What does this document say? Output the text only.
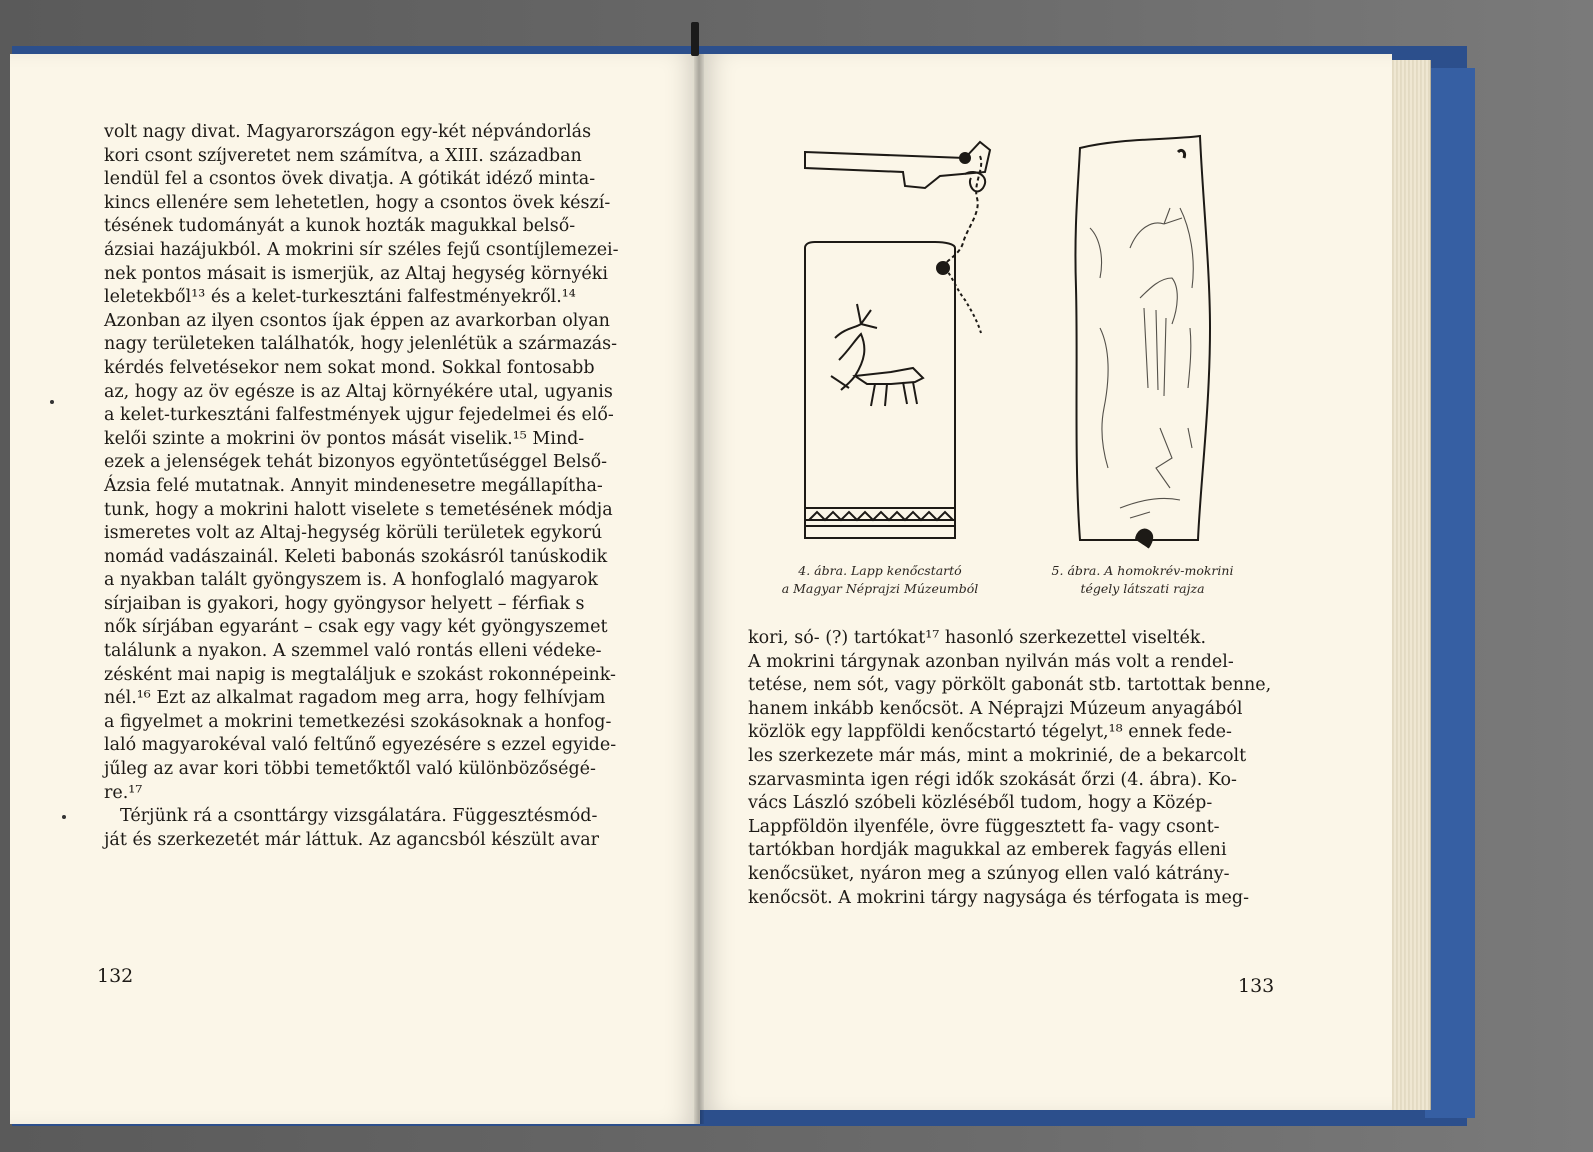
volt nagy divat. Magyarországon egy-két népvándorlás
kori csont szíjveretet nem számítva, a XIII. században
lendül fel a csontos övek divatja. A gótikát idéző minta-
kincs ellenére sem lehetetlen, hogy a csontos övek készí-
tésének tudományát a kunok hozták magukkal belső-
ázsiai hazájukból. A mokrini sír széles fejű csontíjlemezei-
nek pontos másait is ismerjük, az Altaj hegység környéki
leletekből¹³ és a kelet-turkesztáni falfestményekről.¹⁴
Azonban az ilyen csontos íjak éppen az avarkorban olyan
nagy területeken találhatók, hogy jelenlétük a származás-
kérdés felvetésekor nem sokat mond. Sokkal fontosabb
az, hogy az öv egésze is az Altaj környékére utal, ugyanis
a kelet-turkesztáni falfestmények ujgur fejedelmei és elő-
kelői szinte a mokrini öv pontos mását viselik.¹⁵ Mind-
ezek a jelenségek tehát bizonyos egyöntetűséggel Belső-
Ázsia felé mutatnak. Annyit mindenesetre megállapítha-
tunk, hogy a mokrini halott viselete s temetésének módja
ismeretes volt az Altaj-hegység körüli területek egykorú
nomád vadászainál. Keleti babonás szokásról tanúskodik
a nyakban talált gyöngyszem is. A honfoglaló magyarok
sírjaiban is gyakori, hogy gyöngysor helyett – férfiak s
nők sírjában egyaránt – csak egy vagy két gyöngyszemet
találunk a nyakon. A szemmel való rontás elleni védeke-
zésként mai napig is megtaláljuk e szokást rokonnépeink-
nél.¹⁶ Ezt az alkalmat ragadom meg arra, hogy felhívjam
a figyelmet a mokrini temetkezési szokásoknak a honfog-
laló magyarokéval való feltűnő egyezésére s ezzel egyide-
jűleg az avar kori többi temetőktől való különbözőségé-
re.¹⁷
Térjünk rá a csonttárgy vizsgálatára. Függesztésmód-
ját és szerkezetét már láttuk. Az agancsból készült avar
132
4. ábra. Lapp kenőcstartó
a Magyar Néprajzi Múzeumból
5. ábra. A homokrév-mokrini
tégely látszati rajza
kori, só- (?) tartókat¹⁷ hasonló szerkezettel viselték.
A mokrini tárgynak azonban nyilván más volt a rendel-
tetése, nem sót, vagy pörkölt gabonát stb. tartottak benne,
hanem inkább kenőcsöt. A Néprajzi Múzeum anyagából
közlök egy lappföldi kenőcstartó tégelyt,¹⁸ ennek fede-
les szerkezete már más, mint a mokrinié, de a bekarcolt
szarvasminta igen régi idők szokását őrzi (4. ábra). Ko-
vács László szóbeli közléséből tudom, hogy a Közép-
Lappföldön ilyenféle, övre függesztett fa- vagy csont-
tartókban hordják magukkal az emberek fagyás elleni
kenőcsüket, nyáron meg a szúnyog ellen való kátrány-
kenőcsöt. A mokrini tárgy nagysága és térfogata is meg-
133
